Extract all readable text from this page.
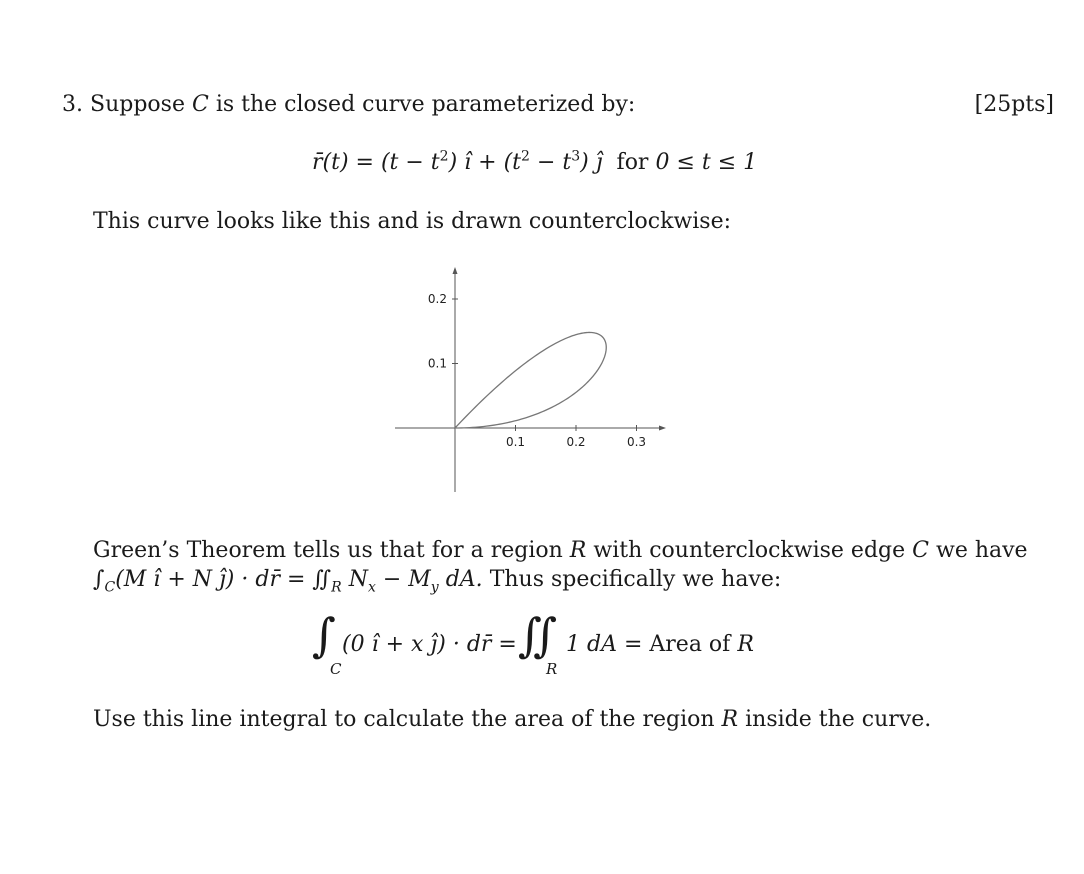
3. Suppose C is the closed curve parameterized by:	[25pts]
r̄(t) = $(t - t^2)$ î + $(t^2 - t^3)$ ĵ for 0 ≤ t ≤ 1
This curve looks like this and is drawn counterclockwise:
0.1	0.2	0.3
0.1
0.2
Green’s Theorem tells us that for a region R with counterclockwise edge C we have
$\int_C(M$ î + N ĵ) · dr̄ = $∬_R$ $N_x - M_y$ dA. Thus specifically we have:
∫
C
(0 î + x ĵ) · dr̄ = ∬
R
1 dA = Area of R
Use this line integral to calculate the area of the region R inside the curve.
